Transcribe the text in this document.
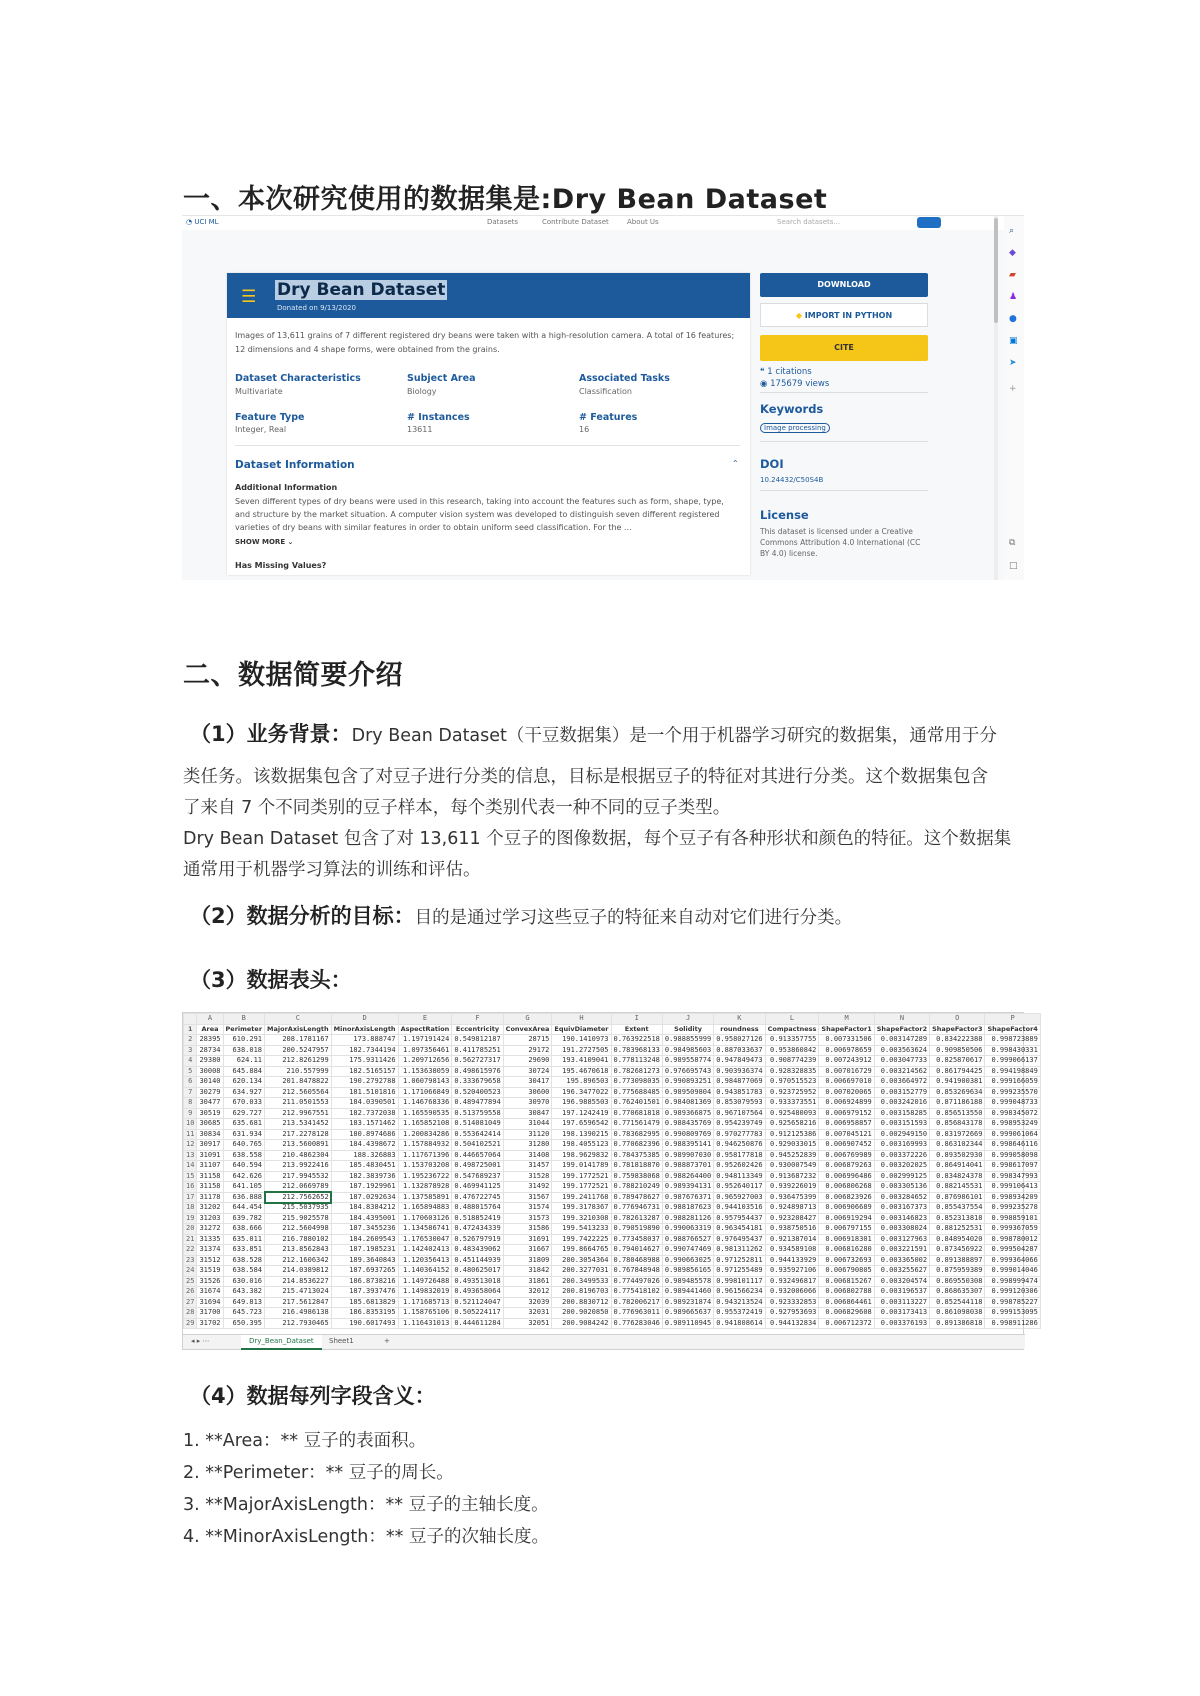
一、本次研究使用的数据集是:Dry Bean Dataset
◔ UCI ML	Datasets	Contribute Dataset	About Us	Search datasets...
☰ Dry Bean Dataset
Donated on 9/13/2020
Images of 13,611 grains of 7 different registered dry beans were taken with a high-resolution camera. A total of 16 features; 12 dimensions and 4 shape forms, were obtained from the grains.
Dataset Characteristics
Multivariate
Subject Area
Biology
Associated Tasks
Classification
Feature Type
Integer, Real
# Instances
13611
# Features
16
Dataset Information	⌃
Additional Information
Seven different types of dry beans were used in this research, taking into account the features such as form, shape, type, and structure by the market situation. A computer vision system was developed to distinguish seven different registered varieties of dry beans with similar features in order to obtain uniform seed classification. For the ...
SHOW MORE ⌄
Has Missing Values?
DOWNLOAD
◆ IMPORT IN PYTHON
CITE
❝ 1 citations
◉ 175679 views
Keywords
Image processing
DOI
10.24432/C50S4B
License
This dataset is licensed under a Creative Commons Attribution 4.0 International (CC BY 4.0) license.
⌕
◆
▰
♟
●
▣
➤
+
⧉
□
二、数据简要介绍
（1）业务背景：Dry Bean Dataset（干豆数据集）是一个用于机器学习研究的数据集，通常用于分
类任务。该数据集包含了对豆子进行分类的信息，目标是根据豆子的特征对其进行分类。这个数据集包含
了来自 7 个不同类别的豆子样本，每个类别代表一种不同的豆子类型。
Dry Bean Dataset 包含了对 13,611 个豆子的图像数据，每个豆子有各种形状和颜色的特征。这个数据集
通常用于机器学习算法的训练和评估。
（2）数据分析的目标：目的是通过学习这些豆子的特征来自动对它们进行分类。
（3）数据表头：
	A	B	C	D	E	F	G	H	I	J	K	L	M	N	O	P
1	Area	Perimeter	MajorAxisLength	MinorAxisLength	AspectRation	Eccentricity	ConvexArea	EquivDiameter	Extent	Solidity	roundness	Compactness	ShapeFactor1	ShapeFactor2	ShapeFactor3	ShapeFactor4
2	28395	610.291	208.1781167	173.888747	1.197191424	0.549812187	28715	190.1410973	0.763922518	0.988855999	0.958027126	0.913357755	0.007331506	0.003147289	0.834222388	0.998723889
3	28734	638.018	200.5247957	182.7344194	1.097356461	0.411785251	29172	191.2727505	0.783968133	0.984985603	0.887033637	0.953860842	0.006978659	0.003563624	0.909850506	0.998430331
4	29380	624.11	212.8261299	175.9311426	1.209712656	0.562727317	29690	193.4109041	0.778113248	0.989558774	0.947849473	0.908774239	0.007243912	0.003047733	0.825870617	0.999066137
5	30008	645.884	210.557999	182.5165157	1.153638059	0.498615976	30724	195.4670618	0.782681273	0.976695743	0.903936374	0.928328835	0.007016729	0.003214562	0.861794425	0.994198849
6	30140	620.134	201.8478822	190.2792788	1.060798143	0.333679658	30417	195.896503	0.773098035	0.990893251	0.984877069	0.970515523	0.006697010	0.003664972	0.941900381	0.999166059
7	30279	634.927	212.5605564	181.5101816	1.171066849	0.520400523	30600	196.3477022	0.775688485	0.989509804	0.943851783	0.923725952	0.007020065	0.003152779	0.853269634	0.999235570
8	30477	670.033	211.0501553	184.0390501	1.146768336	0.489477894	30970	196.9885503	0.762401501	0.984081369	0.853079593	0.933373551	0.006924899	0.003242016	0.871186188	0.999048733
9	30519	629.727	212.9967551	182.7372038	1.165590535	0.513759558	30847	197.1242419	0.770681818	0.989366875	0.967107564	0.925480093	0.006979152	0.003158285	0.856513550	0.998345072
10	30685	635.681	213.5341452	183.1571462	1.165852108	0.514081049	31044	197.6596542	0.771561479	0.988435769	0.954239749	0.925658216	0.006958857	0.003151593	0.856843178	0.998953249
11	30834	631.934	217.2278128	180.8974686	1.200834286	0.553642414	31120	198.1390215	0.783682995	0.990809769	0.970277783	0.912125386	0.007045121	0.002949150	0.831972669	0.999061064
12	30917	640.765	213.5600891	184.4398672	1.157884932	0.504102521	31280	198.4055123	0.770682396	0.988395141	0.946250876	0.929033015	0.006907452	0.003169993	0.863102344	0.998646116
13	31091	638.558	210.4862304	188.326883	1.117671396	0.446657064	31408	198.9629832	0.784375385	0.989907030	0.958177818	0.945252839	0.006769989	0.003372226	0.893502930	0.999058098
14	31107	640.594	213.9922416	185.4830451	1.153703208	0.498725001	31457	199.0141789	0.781818870	0.988873701	0.952602426	0.930007549	0.006879263	0.003202025	0.864914041	0.998617097
15	31158	642.626	217.9945532	182.3839736	1.195236722	0.547689237	31528	199.1772521	0.759838068	0.988264400	0.948113349	0.913687232	0.006996486	0.002999125	0.834824378	0.998347993
16	31158	641.105	212.0669789	187.1929961	1.132878928	0.469941125	31492	199.1772521	0.788210249	0.989394131	0.952640117	0.939226019	0.006806268	0.003305136	0.882145531	0.999106413
17	31178	636.888	212.7562652	187.0292634	1.137585891	0.476722745	31567	199.2411768	0.789478627	0.987676371	0.965927003	0.936475399	0.006823926	0.003284652	0.876986101	0.998934209
18	31202	644.454	215.5037935	184.8384212	1.165894883	0.488015764	31574	199.3178367	0.776946731	0.988187623	0.944103516	0.924898713	0.006906689	0.003167373	0.855437554	0.999235278
19	31203	639.782	215.9025578	184.4395001	1.170603126	0.518852419	31573	199.3210308	0.782613287	0.988281126	0.957954437	0.923208427	0.006919294	0.003146823	0.852313818	0.998859101
20	31272	638.666	212.5604998	187.3455236	1.134586741	0.472434339	31586	199.5413233	0.790519890	0.990063319	0.963454181	0.938750516	0.006797155	0.003308024	0.881252531	0.999367059
21	31335	635.011	216.7880102	184.2609543	1.176530047	0.526797919	31691	199.7422225	0.773458037	0.988766527	0.976495437	0.921387014	0.006918301	0.003127963	0.848954020	0.998780012
22	31374	633.851	213.8562843	187.1985231	1.142402413	0.483439062	31667	199.8664765	0.794014627	0.990747469	0.981311262	0.934589108	0.006816280	0.003221591	0.873456922	0.999504287
23	31512	638.528	212.1606342	189.3640843	1.120356413	0.451144939	31809	200.3054364	0.780468988	0.990663025	0.971252811	0.944133929	0.006732693	0.003365002	0.891388897	0.999364066
24	31519	638.584	214.0389812	187.6937265	1.140364152	0.480625017	31842	200.3277031	0.767848948	0.989856165	0.971255489	0.935927106	0.006790805	0.003255627	0.875959389	0.999014046
25	31526	630.016	214.8536227	186.8738216	1.149726488	0.493513018	31861	200.3499533	0.774497026	0.989485578	0.998101117	0.932496817	0.006815267	0.003204574	0.869550308	0.998999474
26	31674	643.382	215.4713024	187.3937476	1.149832019	0.493658064	32012	200.8196703	0.775418102	0.989441460	0.961566234	0.932006066	0.006802788	0.003196537	0.868635307	0.999120306
27	31694	649.813	217.5612847	185.6813829	1.171685713	0.521124047	32039	200.8830712	0.782006217	0.989231874	0.943213524	0.923332853	0.006864461	0.003113227	0.852544118	0.998785227
28	31700	645.723	216.4986138	186.8353195	1.158765106	0.505224117	32031	200.9020850	0.776963011	0.989665637	0.955372419	0.927953693	0.006829608	0.003173413	0.861098038	0.999153095
29	31702	650.395	212.7930465	190.6017493	1.116431013	0.444611284	32051	200.9084242	0.776283046	0.989110945	0.941808614	0.944132834	0.006712372	0.003376193	0.891386818	0.998911286
◂ ▸ ⋯	Dry_Bean_Dataset	Sheet1	+
（4）数据每列字段含义：
1. **Area：** 豆子的表面积。
2. **Perimeter：** 豆子的周长。
3. **MajorAxisLength：** 豆子的主轴长度。
4. **MinorAxisLength：** 豆子的次轴长度。
